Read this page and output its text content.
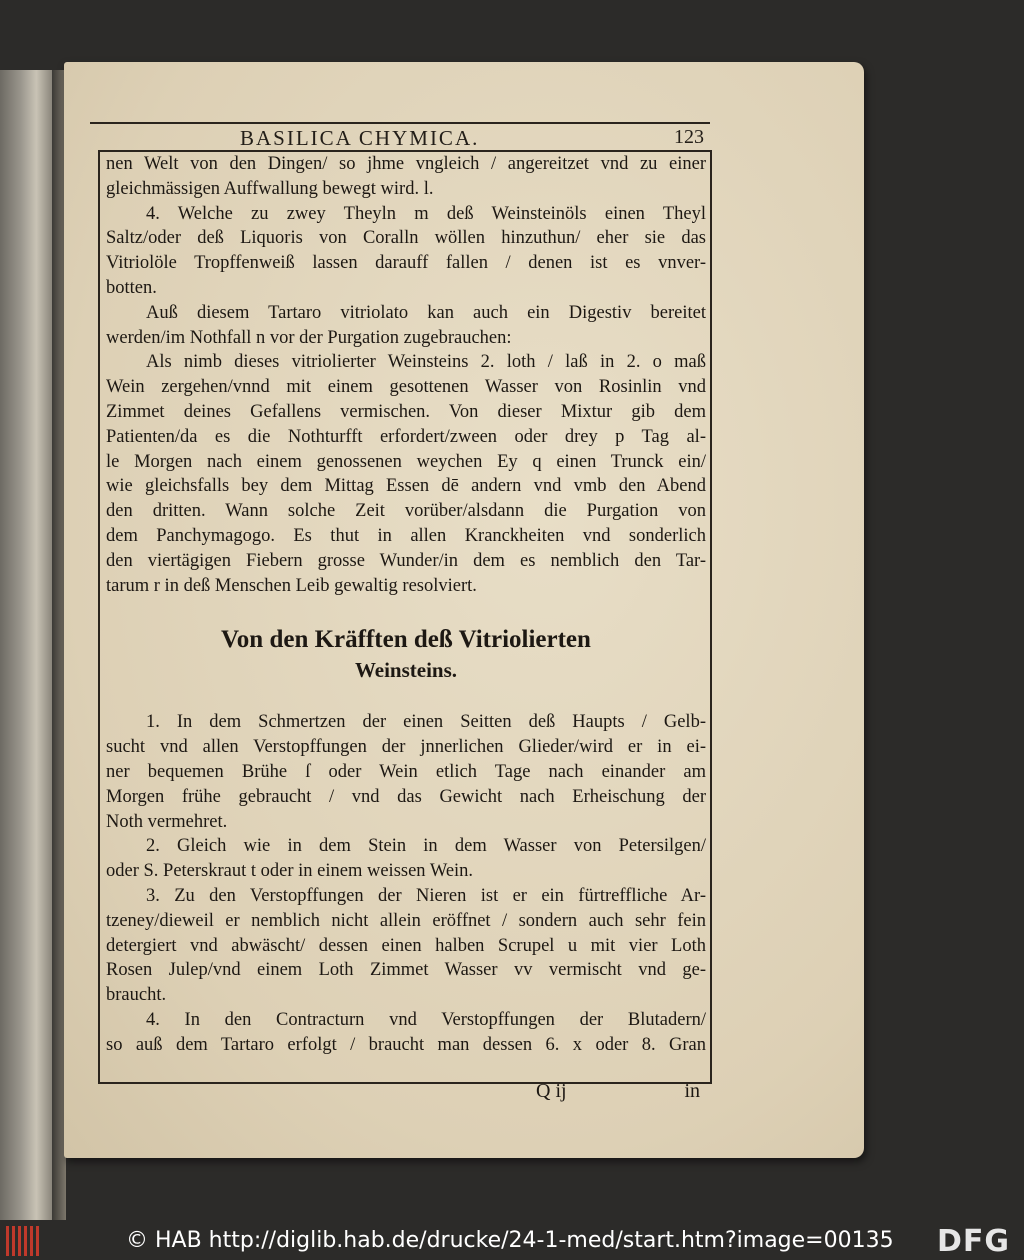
BASILICA CHYMICA.	123
nen Welt von den Dingen/ so jhme vngleich / angereitzet vnd zu einer
gleichmässigen Auffwallung bewegt wird. l.
4. Welche zu zwey Theyln m deß Weinsteinöls einen Theyl
Saltz/oder deß Liquoris von Coralln wöllen hinzuthun/ eher sie das
Vitriolöle Tropffenweiß lassen darauff fallen / denen ist es vnver-
botten.
Auß diesem Tartaro vitriolato kan auch ein Digestiv bereitet
werden/im Nothfall n vor der Purgation zugebrauchen:
Als nimb dieses vitriolierter Weinsteins 2. loth / laß in 2. o maß
Wein zergehen/vnnd mit einem gesottenen Wasser von Rosinlin vnd
Zimmet deines Gefallens vermischen. Von dieser Mixtur gib dem
Patienten/da es die Nothturfft erfordert/zween oder drey p Tag al-
le Morgen nach einem genossenen weychen Ey q einen Trunck ein/
wie gleichsfalls bey dem Mittag Essen dē andern vnd vmb den Abend
den dritten. Wann solche Zeit vorüber/alsdann die Purgation von
dem Panchymagogo. Es thut in allen Kranckheiten vnd sonderlich
den viertägigen Fiebern grosse Wunder/in dem es nemblich den Tar-
tarum r in deß Menschen Leib gewaltig resolviert.
Von den Kräfften deß Vitriolierten
Weinsteins.
1. In dem Schmertzen der einen Seitten deß Haupts / Gelb-
sucht vnd allen Verstopffungen der jnnerlichen Glieder/wird er in ei-
ner bequemen Brühe ſ oder Wein etlich Tage nach einander am
Morgen frühe gebraucht / vnd das Gewicht nach Erheischung der
Noth vermehret.
2. Gleich wie in dem Stein in dem Wasser von Petersilgen/
oder S. Peterskraut t oder in einem weissen Wein.
3. Zu den Verstopffungen der Nieren ist er ein fürtreffliche Ar-
tzeney/dieweil er nemblich nicht allein eröffnet / sondern auch sehr fein
detergiert vnd abwäscht/ dessen einen halben Scrupel u mit vier Loth
Rosen Julep/vnd einem Loth Zimmet Wasser vv vermischt vnd ge-
braucht.
4. In den Contracturn vnd Verstopffungen der Blutadern/
so auß dem Tartaro erfolgt / braucht man dessen 6. x oder 8. Gran
Q ij	in
© HAB http://diglib.hab.de/drucke/24-1-med/start.htm?image=00135 DFG
